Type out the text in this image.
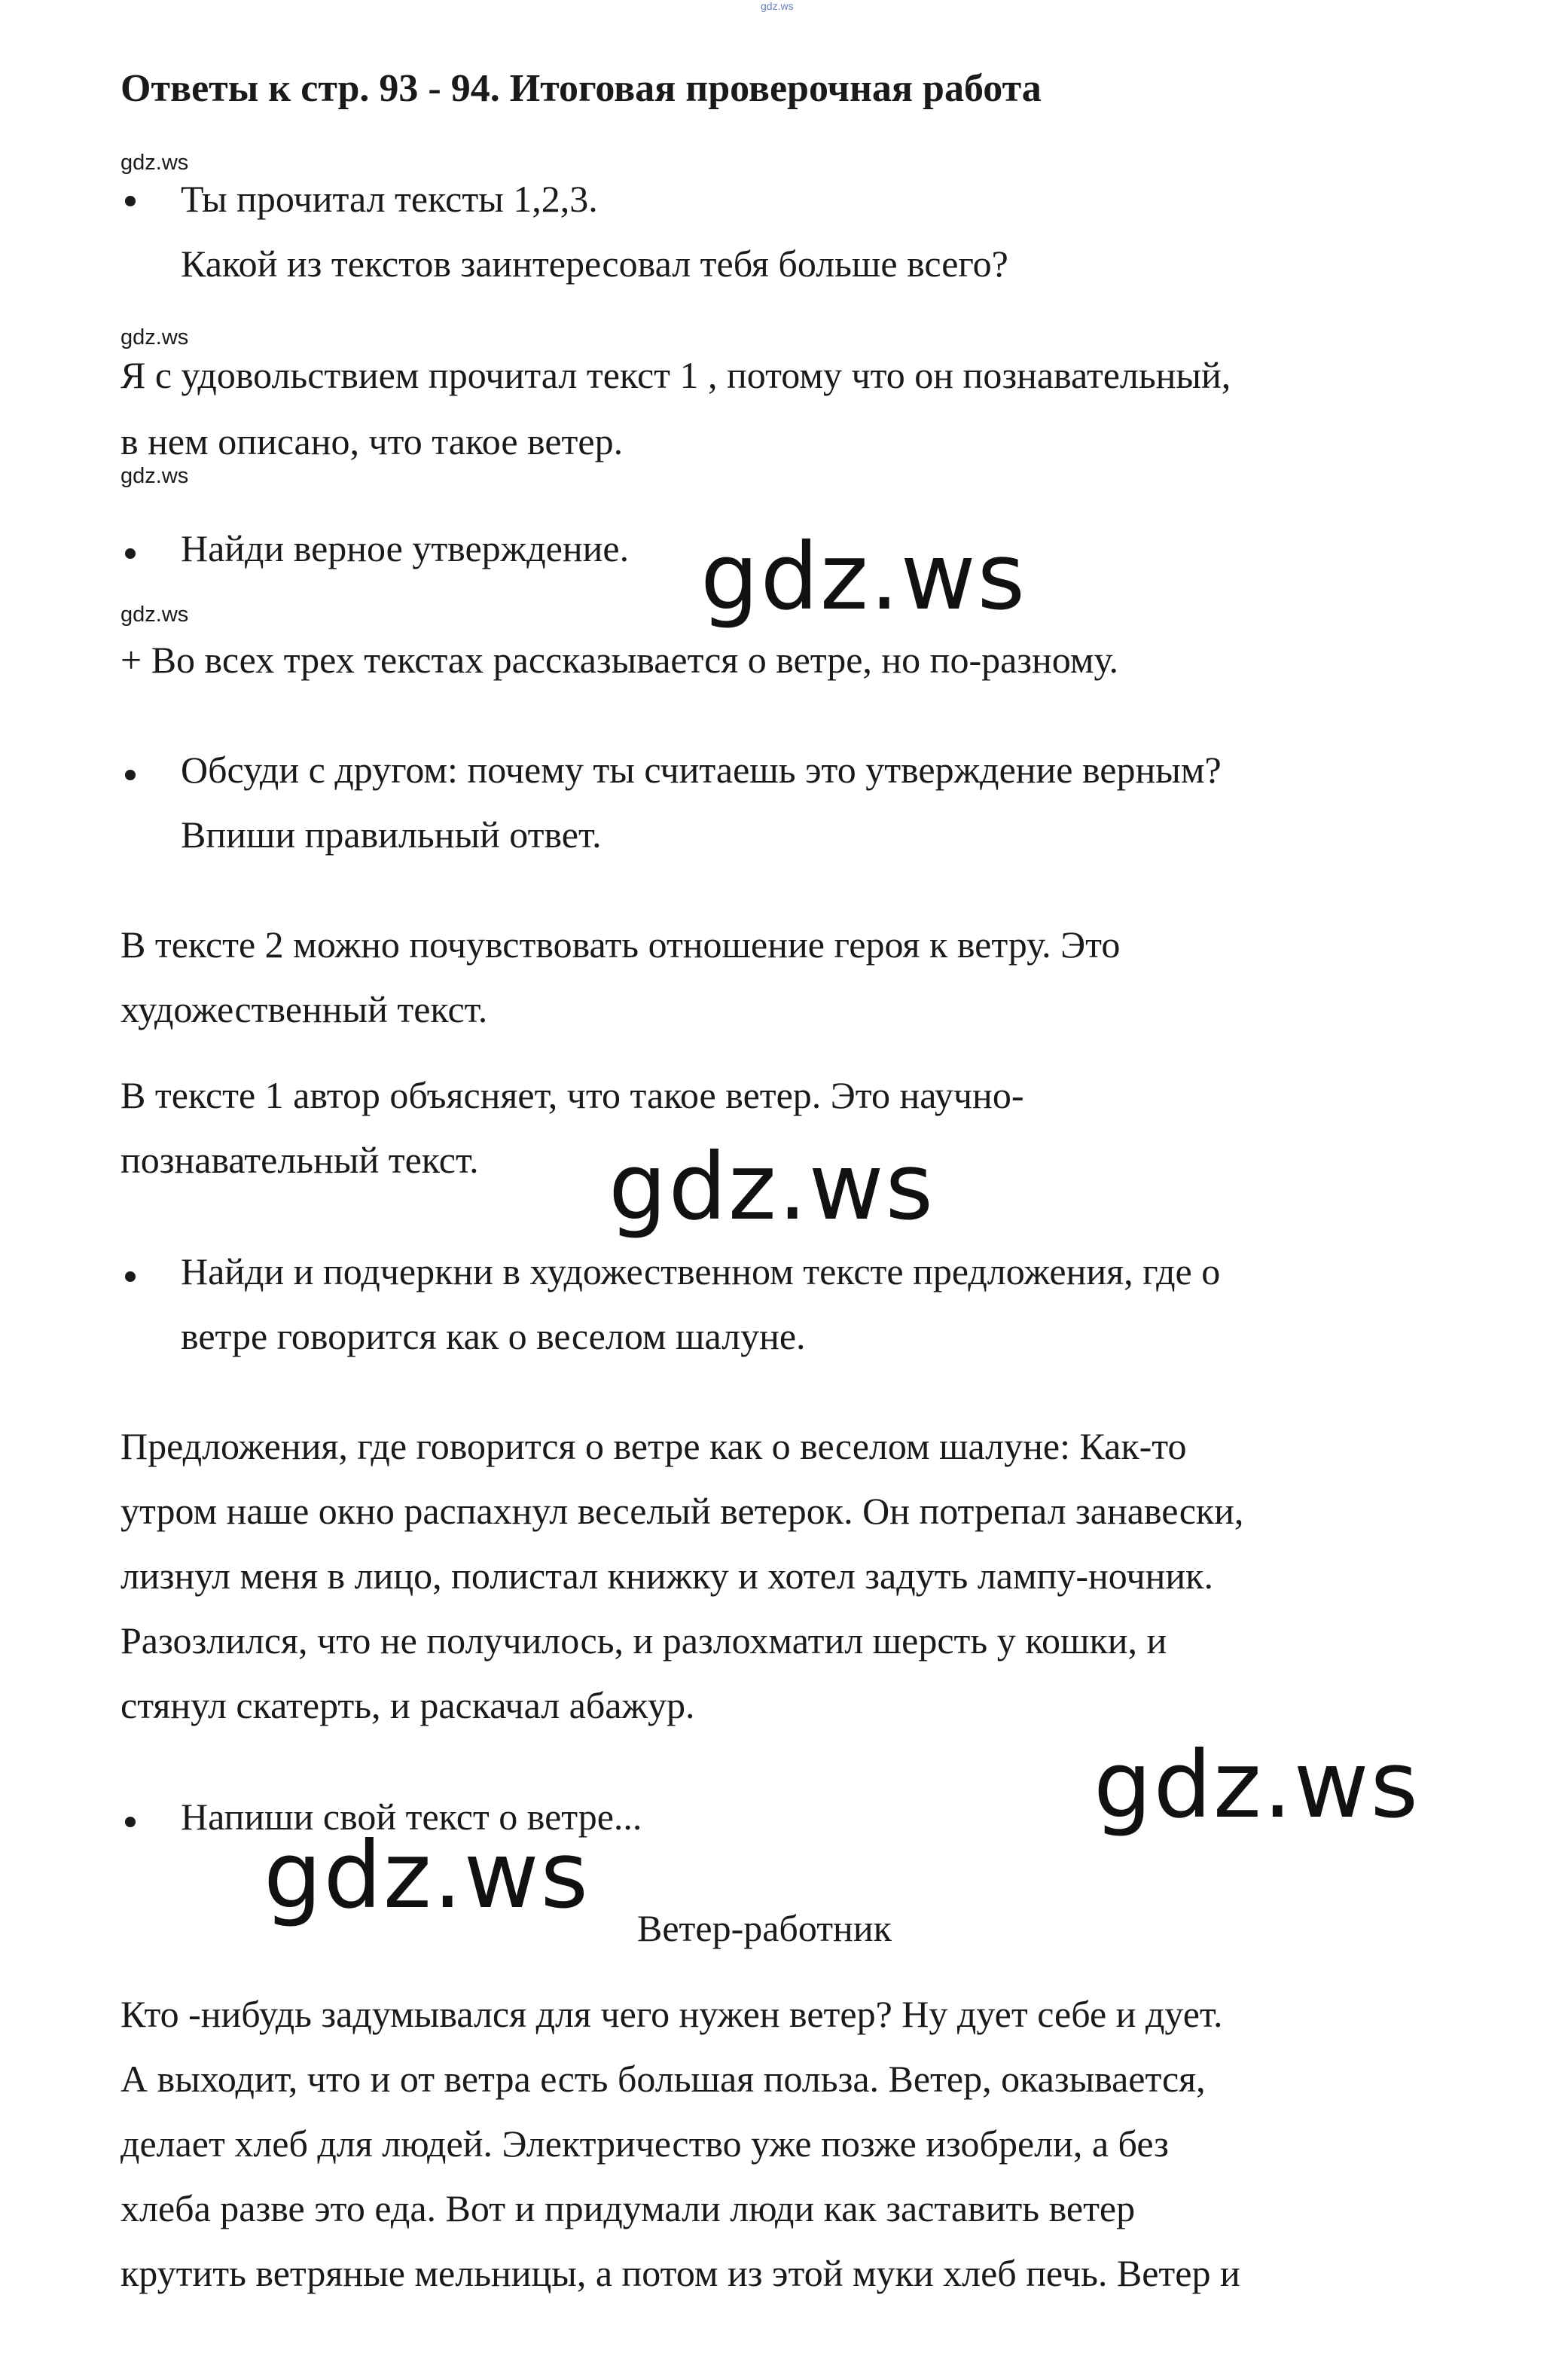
gdz.ws
Ответы к стр. 93 - 94. Итоговая проверочная работа
gdz.ws
Ты прочитал тексты 1,2,3.
Какой из текстов заинтересовал тебя больше всего?
gdz.ws
Я с удовольствием прочитал текст 1 , потому что он познавательный,
в нем описано, что такое ветер.
gdz.ws
Найди верное утверждение. gdz.ws
gdz.ws
+ Во всех трех текстах рассказывается о ветре, но по-разному.
Обсуди с другом: почему ты считаешь это утверждение верным?
Впиши правильный ответ.
В тексте 2 можно почувствовать отношение героя к ветру. Это
художественный текст.
В тексте 1 автор объясняет, что такое ветер. Это научно-
познавательный текст. gdz.ws
Найди и подчеркни в художественном тексте предложения, где о
ветре говорится как о веселом шалуне.
Предложения, где говорится о ветре как о веселом шалуне: Как-то
утром наше окно распахнул веселый ветерок. Он потрепал занавески,
лизнул меня в лицо, полистал книжку и хотел задуть лампу-ночник.
Разозлился, что не получилось, и разлохматил шерсть у кошки, и
стянул скатерть, и раскачал абажур.
gdz.ws
Напиши свой текст о ветре...
gdz.ws Ветер-работник
Кто -нибудь задумывался для чего нужен ветер? Ну дует себе и дует.
А выходит, что и от ветра есть большая польза. Ветер, оказывается,
делает хлеб для людей. Электричество уже позже изобрели, а без
хлеба разве это еда. Вот и придумали люди как заставить ветер
крутить ветряные мельницы, а потом из этой муки хлеб печь. Ветер и
